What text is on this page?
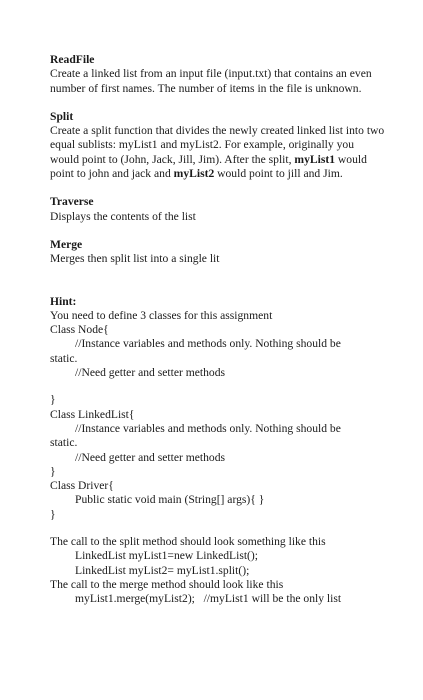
ReadFile
Create a linked list from an input file (input.txt) that contains an even number of first names. The number of items in the file is unknown.
Split
Create a split function that divides the newly created linked list into two equal sublists: myList1 and myList2. For example, originally you would point to (John, Jack, Jill, Jim). After the split, myList1 would point to john and jack and myList2 would point to jill and Jim.
Traverse
Displays the contents of the list
Merge
Merges then split list into a single lit
Hint:
You need to define 3 classes for this assignment
Class Node{
//Instance variables and methods only. Nothing should be
static.
//Need getter and setter methods
}
Class LinkedList{
//Instance variables and methods only. Nothing should be
static.
//Need getter and setter methods
}
Class Driver{
Public static void main (String[] args){ }
}
The call to the split method should look something like this
LinkedList myList1=new LinkedList();
LinkedList myList2= myList1.split();
The call to the merge method should look like this
myList1.merge(myList2);   //myList1 will be the only list
